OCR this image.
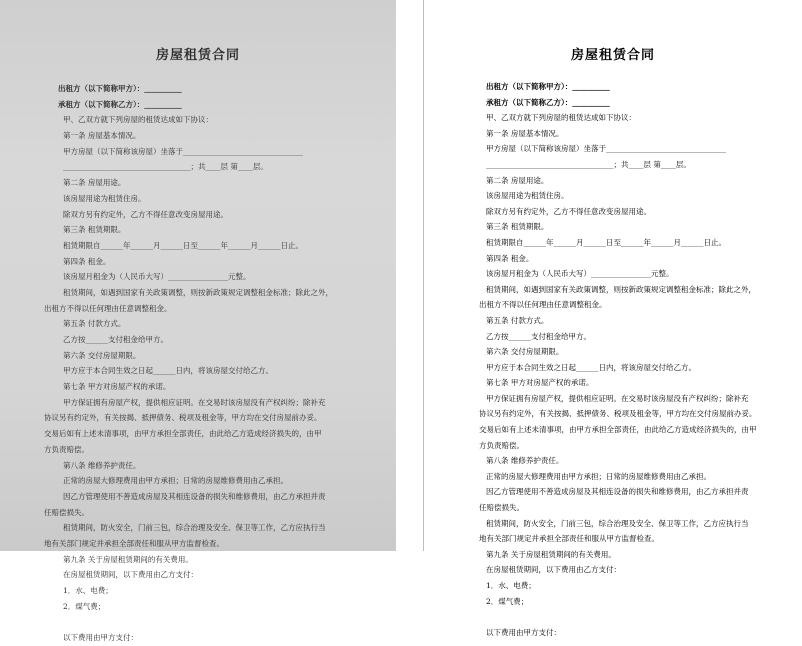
房屋租赁合同
出租方（以下简称甲方）：__________
承租方（以下简称乙方）：__________
甲、乙双方就下列房屋的租赁达成如下协议：
第一条 房屋基本情况。
甲方房屋（以下简称该房屋）坐落于________________________________
__________________________________；共____层 第____层。
第二条 房屋用途。
该房屋用途为租赁住房。
除双方另有约定外，乙方不得任意改变房屋用途。
第三条 租赁期限。
租赁期限自______年______月______日至______年______月______日止。
第四条 租金。
该房屋月租金为（人民币大写）________________元整。
租赁期间，如遇到国家有关政策调整，则按新政策规定调整租金标准；除此之外，
出租方不得以任何理由任意调整租金。
第五条 付款方式。
乙方按______支付租金给甲方。
第六条 交付房屋期限。
甲方应于本合同生效之日起______日内，将该房屋交付给乙方。
第七条 甲方对房屋产权的承诺。
甲方保证拥有房屋产权，提供相应证明。在交易时该房屋没有产权纠纷；除补充
协议另有约定外，有关按揭、抵押债务、税项及租金等，甲方均在交付房屋前办妥。
交易后如有上述未清事项，由甲方承担全部责任，由此给乙方造成经济损失的，由甲
方负责赔偿。
第八条 维修养护责任。
正常的房屋大修理费用由甲方承担；日常的房屋维修费用由乙承担。
因乙方管理使用不善造成房屋及其相连设备的损失和维修费用，由乙方承担并责
任赔偿损失。
租赁期间，防火安全，门前三包，综合治理及安全、保卫等工作，乙方应执行当
地有关部门规定并承担全部责任和服从甲方监督检查。
第九条 关于房屋租赁期间的有关费用。
在房屋租赁期间，以下费用由乙方支付：
1．水、电费；
2．煤气费；
以下费用由甲方支付：
房屋租赁合同
出租方（以下简称甲方）：__________
承租方（以下简称乙方）：__________
甲、乙双方就下列房屋的租赁达成如下协议：
第一条 房屋基本情况。
甲方房屋（以下简称该房屋）坐落于________________________________
__________________________________；共____层 第____层。
第二条 房屋用途。
该房屋用途为租赁住房。
除双方另有约定外，乙方不得任意改变房屋用途。
第三条 租赁期限。
租赁期限自______年______月______日至______年______月______日止。
第四条 租金。
该房屋月租金为（人民币大写）________________元整。
租赁期间，如遇到国家有关政策调整，则按新政策规定调整租金标准；除此之外，
出租方不得以任何理由任意调整租金。
第五条 付款方式。
乙方按______支付租金给甲方。
第六条 交付房屋期限。
甲方应于本合同生效之日起______日内，将该房屋交付给乙方。
第七条 甲方对房屋产权的承诺。
甲方保证拥有房屋产权，提供相应证明。在交易时该房屋没有产权纠纷；除补充
协议另有约定外，有关按揭、抵押债务、税项及租金等，甲方均在交付房屋前办妥。
交易后如有上述未清事项，由甲方承担全部责任，由此给乙方造成经济损失的，由甲
方负责赔偿。
第八条 维修养护责任。
正常的房屋大修理费用由甲方承担；日常的房屋维修费用由乙承担。
因乙方管理使用不善造成房屋及其相连设备的损失和维修费用，由乙方承担并责
任赔偿损失。
租赁期间，防火安全，门前三包，综合治理及安全、保卫等工作，乙方应执行当
地有关部门规定并承担全部责任和服从甲方监督检查。
第九条 关于房屋租赁期间的有关费用。
在房屋租赁期间，以下费用由乙方支付：
1．水、电费；
2．煤气费；
以下费用由甲方支付：
